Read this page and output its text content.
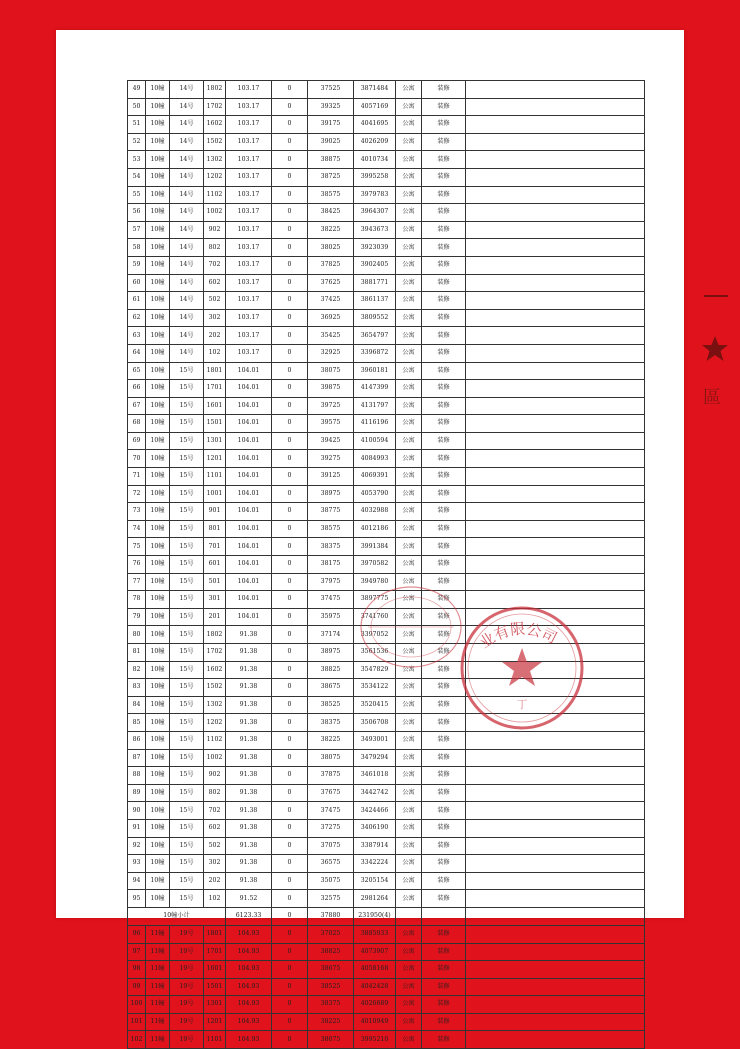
49	10幢	14号	1802	103.17	0	37525	3871484	公寓	装修	
50	10幢	14号	1702	103.17	0	39325	4057169	公寓	装修	
51	10幢	14号	1602	103.17	0	39175	4041695	公寓	装修	
52	10幢	14号	1502	103.17	0	39025	4026209	公寓	装修	
53	10幢	14号	1302	103.17	0	38875	4010734	公寓	装修	
54	10幢	14号	1202	103.17	0	38725	3995258	公寓	装修	
55	10幢	14号	1102	103.17	0	38575	3979783	公寓	装修	
56	10幢	14号	1002	103.17	0	38425	3964307	公寓	装修	
57	10幢	14号	902	103.17	0	38225	3943673	公寓	装修	
58	10幢	14号	802	103.17	0	38025	3923039	公寓	装修	
59	10幢	14号	702	103.17	0	37825	3902405	公寓	装修	
60	10幢	14号	602	103.17	0	37625	3881771	公寓	装修	
61	10幢	14号	502	103.17	0	37425	3861137	公寓	装修	
62	10幢	14号	302	103.17	0	36925	3809552	公寓	装修	
63	10幢	14号	202	103.17	0	35425	3654797	公寓	装修	
64	10幢	14号	102	103.17	0	32925	3396872	公寓	装修	
65	10幢	15号	1801	104.01	0	38075	3960181	公寓	装修	
66	10幢	15号	1701	104.01	0	39875	4147399	公寓	装修	
67	10幢	15号	1601	104.01	0	39725	4131797	公寓	装修	
68	10幢	15号	1501	104.01	0	39575	4116196	公寓	装修	
69	10幢	15号	1301	104.01	0	39425	4100594	公寓	装修	
70	10幢	15号	1201	104.01	0	39275	4084993	公寓	装修	
71	10幢	15号	1101	104.01	0	39125	4069391	公寓	装修	
72	10幢	15号	1001	104.01	0	38975	4053790	公寓	装修	
73	10幢	15号	901	104.01	0	38775	4032988	公寓	装修	
74	10幢	15号	801	104.01	0	38575	4012186	公寓	装修	
75	10幢	15号	701	104.01	0	38375	3991384	公寓	装修	
76	10幢	15号	601	104.01	0	38175	3970582	公寓	装修	
77	10幢	15号	501	104.01	0	37975	3949780	公寓	装修	
78	10幢	15号	301	104.01	0	37475	3897775	公寓	装修	
79	10幢	15号	201	104.01	0	35975	3741760	公寓	装修	
80	10幢	15号	1802	91.38	0	37174	3397052	公寓	装修	
81	10幢	15号	1702	91.38	0	38975	3561536	公寓	装修	
82	10幢	15号	1602	91.38	0	38825	3547829	公寓	装修	
83	10幢	15号	1502	91.38	0	38675	3534122	公寓	装修	
84	10幢	15号	1302	91.38	0	38525	3520415	公寓	装修	
85	10幢	15号	1202	91.38	0	38375	3506708	公寓	装修	
86	10幢	15号	1102	91.38	0	38225	3493001	公寓	装修	
87	10幢	15号	1002	91.38	0	38075	3479294	公寓	装修	
88	10幢	15号	902	91.38	0	37875	3461018	公寓	装修	
89	10幢	15号	802	91.38	0	37675	3442742	公寓	装修	
90	10幢	15号	702	91.38	0	37475	3424466	公寓	装修	
91	10幢	15号	602	91.38	0	37275	3406190	公寓	装修	
92	10幢	15号	502	91.38	0	37075	3387914	公寓	装修	
93	10幢	15号	302	91.38	0	36575	3342224	公寓	装修	
94	10幢	15号	202	91.38	0	35075	3205154	公寓	装修	
95	10幢	15号	102	91.52	0	32575	2981264	公寓	装修	
10幢小计				6123.33	0	37880	231950(4)			
96	11幢	19号	1801	104.93	0	37025	3885033	公寓	装修	
97	11幢	19号	1701	104.93	0	38825	4073907	公寓	装修	
98	11幢	19号	1601	104.93	0	38675	4058168	公寓	装修	
99	11幢	19号	1501	104.93	0	38525	4042428	公寓	装修	
100	11幢	19号	1301	104.93	0	38375	4026689	公寓	装修	
101	11幢	19号	1201	104.93	0	38225	4010949	公寓	装修	
102	11幢	19号	1101	104.93	0	38075	3995210	公寓	装修	
业有限公司
丁
區
